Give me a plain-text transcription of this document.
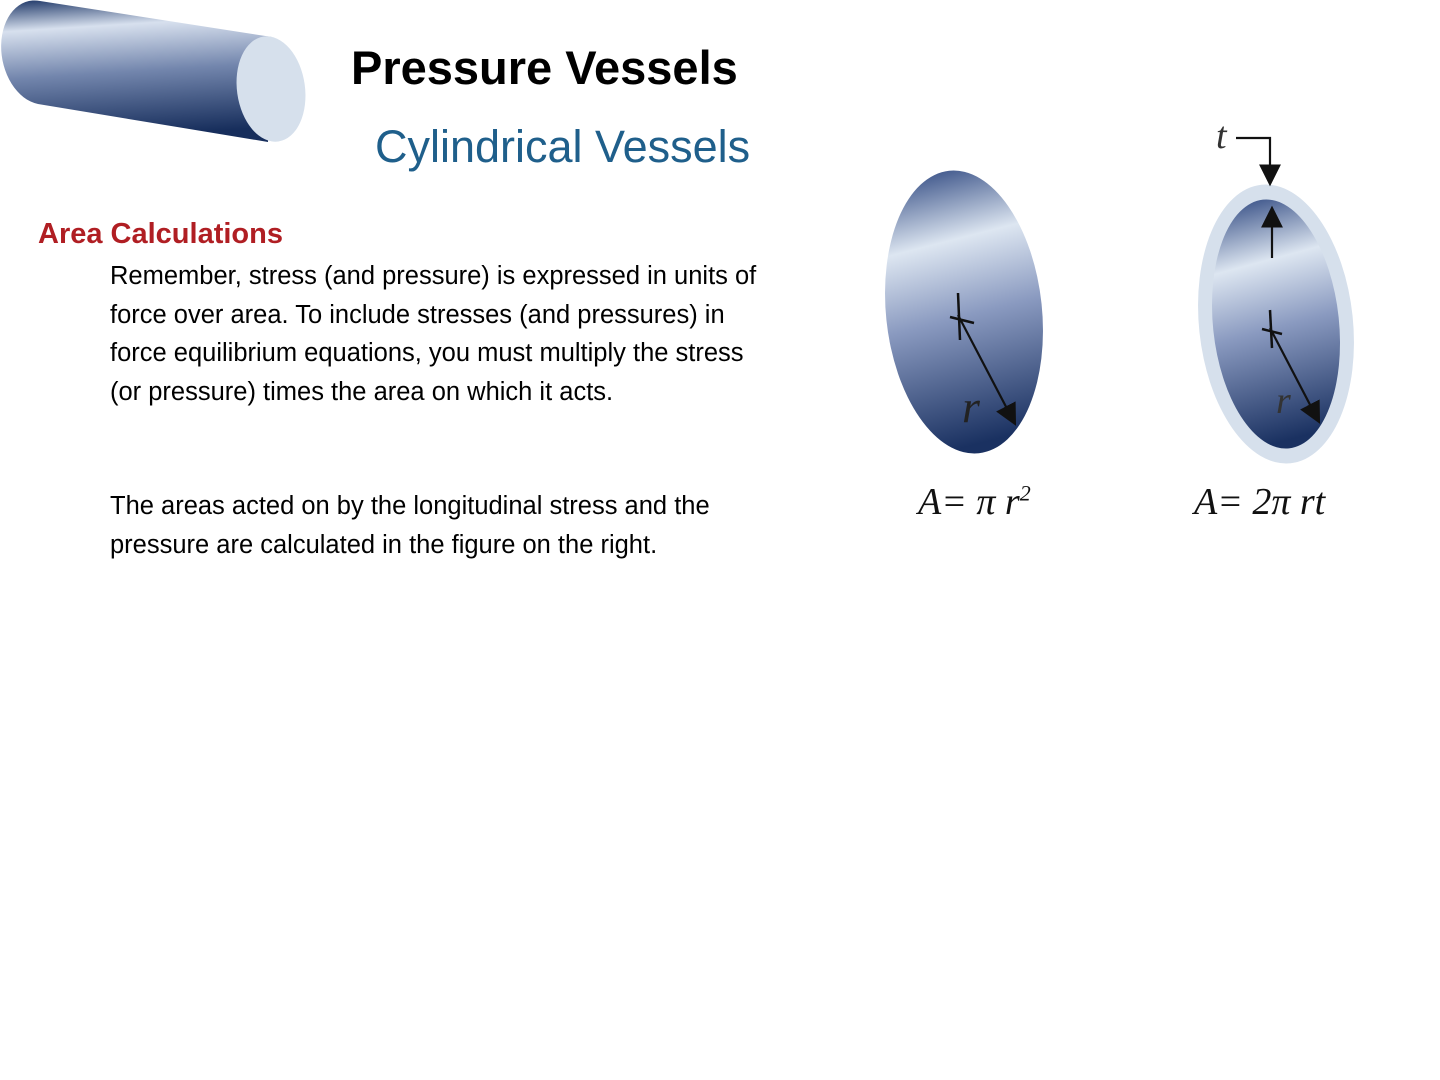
Pressure Vessels
Cylindrical Vessels
Area Calculations

Remember, stress (and pressure) is expressed in units of force over area. To include stresses (and pressures) in force equilibrium equations, you must multiply the stress (or pressure) times the area on which it acts.

The areas acted on by the longitudinal stress and the pressure are calculated in the figure on the right.

r	r
t
A= π $r^2$	A= 2π rt
